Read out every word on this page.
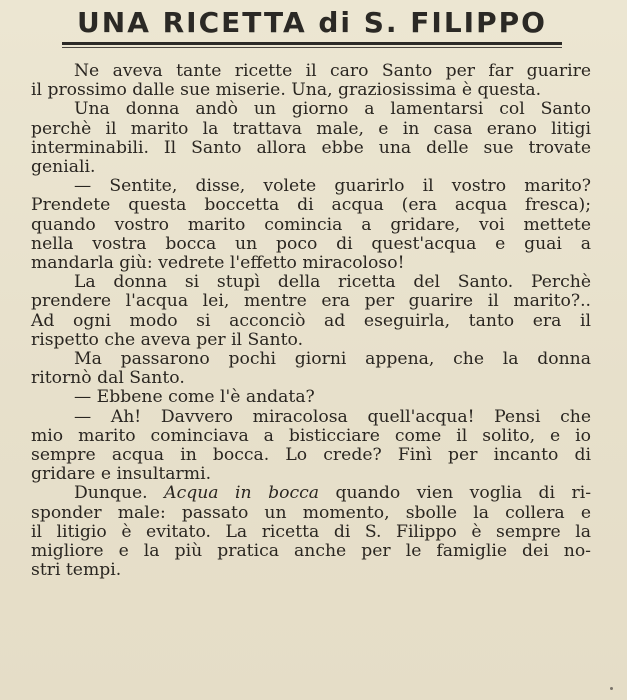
UNA RICETTA di S. FILIPPO
Ne aveva tante ricette il caro Santo per far guarire
il prossimo dalle sue miserie. Una, graziosissima è questa.
Una donna andò un giorno a lamentarsi col Santo
perchè il marito la trattava male, e in casa erano litigi
interminabili. Il Santo allora ebbe una delle sue trovate
geniali.
— Sentite, disse, volete guarirlo il vostro marito?
Prendete questa boccetta di acqua (era acqua fresca);
quando vostro marito comincia a gridare, voi mettete
nella vostra bocca un poco di quest'acqua e guai a
mandarla giù: vedrete l'effetto miracoloso!
La donna si stupì della ricetta del Santo. Perchè
prendere l'acqua lei, mentre era per guarire il marito?..
Ad ogni modo si acconciò ad eseguirla, tanto era il
rispetto che aveva per il Santo.
Ma passarono pochi giorni appena, che la donna
ritornò dal Santo.
— Ebbene come l'è andata?
— Ah! Davvero miracolosa quell'acqua! Pensi che
mio marito cominciava a bisticciare come il solito, e io
sempre acqua in bocca. Lo crede? Finì per incanto di
gridare e insultarmi.
Dunque. Acqua in bocca quando vien voglia di ri-
sponder male: passato un momento, sbolle la collera e
il litigio è evitato. La ricetta di S. Filippo è sempre la
migliore e la più pratica anche per le famiglie dei no-
stri tempi.
